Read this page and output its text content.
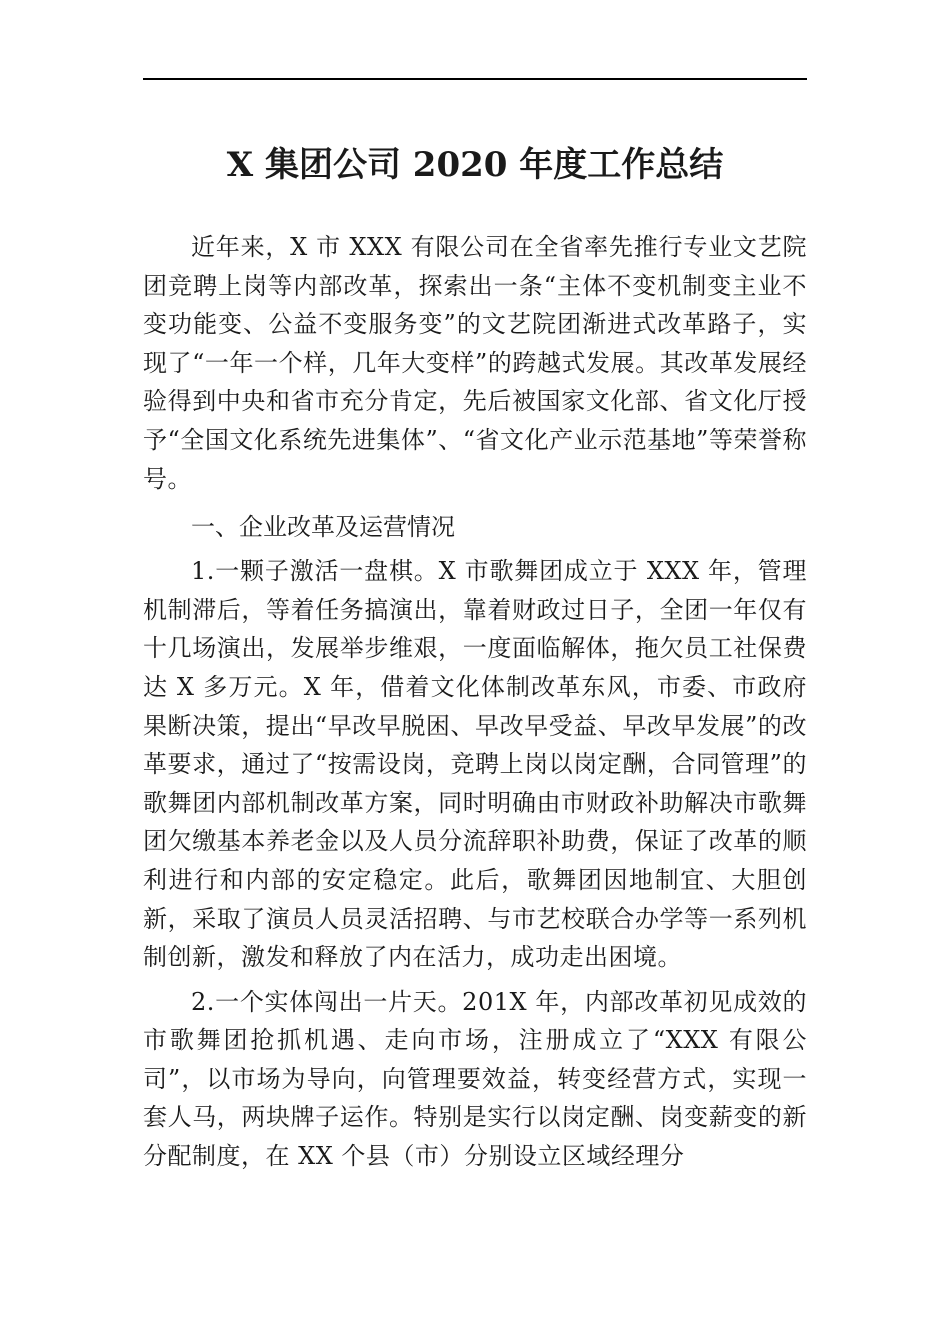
X 集团公司 2020 年度工作总结

近年来，X 市 XXX 有限公司在全省率先推行专业文艺院团竞聘上岗等内部改革，探索出一条“主体不变机制变主业不变功能变、公益不变服务变”的文艺院团渐进式改革路子，实现了“一年一个样，几年大变样”的跨越式发展。其改革发展经验得到中央和省市充分肯定，先后被国家文化部、省文化厅授予“全国文化系统先进集体”、“省文化产业示范基地”等荣誉称号。

一、企业改革及运营情况

1.一颗子激活一盘棋。X 市歌舞团成立于 XXX 年，管理机制滞后，等着任务搞演出，靠着财政过日子，全团一年仅有十几场演出，发展举步维艰，一度面临解体，拖欠员工社保费达 X 多万元。X 年，借着文化体制改革东风，市委、市政府果断决策，提出“早改早脱困、早改早受益、早改早发展”的改革要求，通过了“按需设岗，竞聘上岗以岗定酬，合同管理”的歌舞团内部机制改革方案，同时明确由市财政补助解决市歌舞团欠缴基本养老金以及人员分流辞职补助费，保证了改革的顺利进行和内部的安定稳定。此后，歌舞团因地制宜、大胆创新，采取了演员人员灵活招聘、与市艺校联合办学等一系列机制创新，激发和释放了内在活力，成功走出困境。

2.一个实体闯出一片天。201X 年，内部改革初见成效的市歌舞团抢抓机遇、走向市场，注册成立了“XXX 有限公司”，以市场为导向，向管理要效益，转变经营方式，实现一套人马，两块牌子运作。特别是实行以岗定酬、岗变薪变的新分配制度，在 XX 个县（市）分别设立区域经理分
